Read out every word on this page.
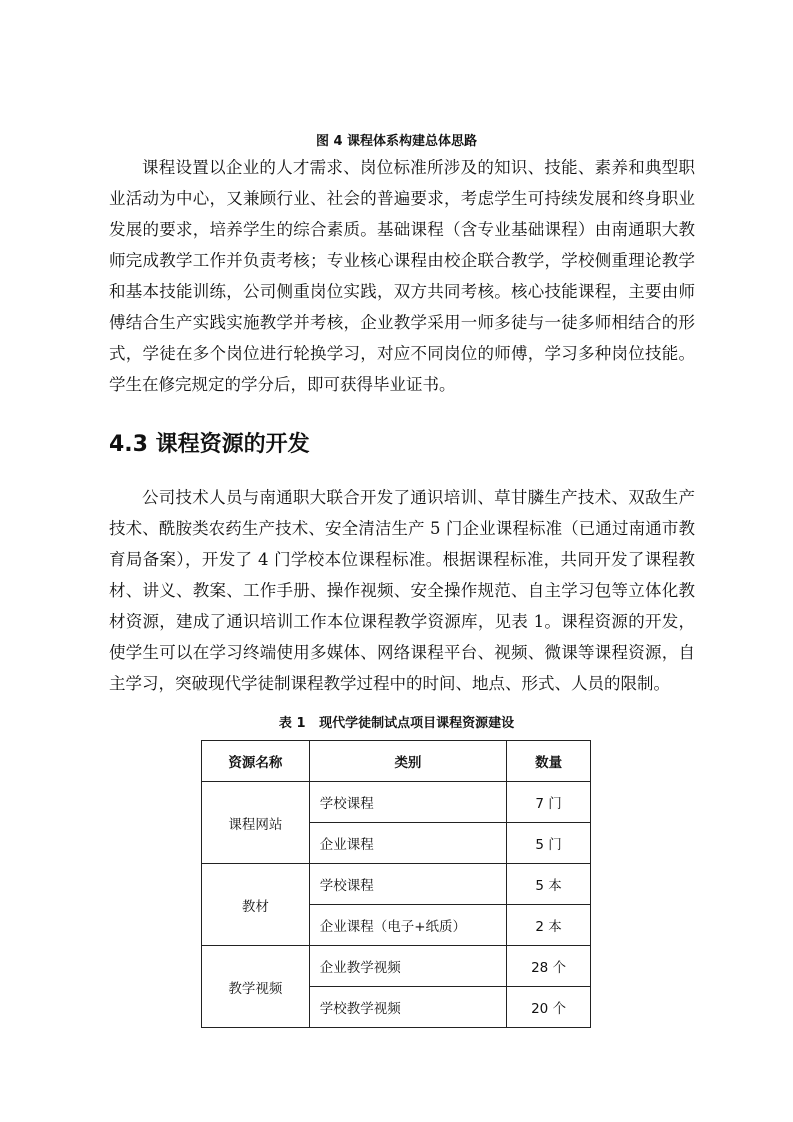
图 4 课程体系构建总体思路

课程设置以企业的人才需求、岗位标准所涉及的知识、技能、素养和典型职业活动为中心，又兼顾行业、社会的普遍要求，考虑学生可持续发展和终身职业发展的要求，培养学生的综合素质。基础课程（含专业基础课程）由南通职大教师完成教学工作并负责考核；专业核心课程由校企联合教学，学校侧重理论教学和基本技能训练，公司侧重岗位实践，双方共同考核。核心技能课程，主要由师傅结合生产实践实施教学并考核，企业教学采用一师多徒与一徒多师相结合的形式，学徒在多个岗位进行轮换学习，对应不同岗位的师傅，学习多种岗位技能。学生在修完规定的学分后，即可获得毕业证书。

4.3 课程资源的开发

公司技术人员与南通职大联合开发了通识培训、草甘膦生产技术、双敌生产技术、酰胺类农药生产技术、安全清洁生产 5 门企业课程标准（已通过南通市教育局备案），开发了 4 门学校本位课程标准。根据课程标准，共同开发了课程教材、讲义、教案、工作手册、操作视频、安全操作规范、自主学习包等立体化教材资源，建成了通识培训工作本位课程教学资源库，见表 1。课程资源的开发，使学生可以在学习终端使用多媒体、网络课程平台、视频、微课等课程资源，自主学习，突破现代学徒制课程教学过程中的时间、地点、形式、人员的限制。

表 1   现代学徒制试点项目课程资源建设
资源名称	类别	数量
课程网站	学校课程	7 门
	企业课程	5 门
教材	学校课程	5 本
	企业课程（电子+纸质）	2 本
教学视频	企业教学视频	28 个
	学校教学视频	20 个
